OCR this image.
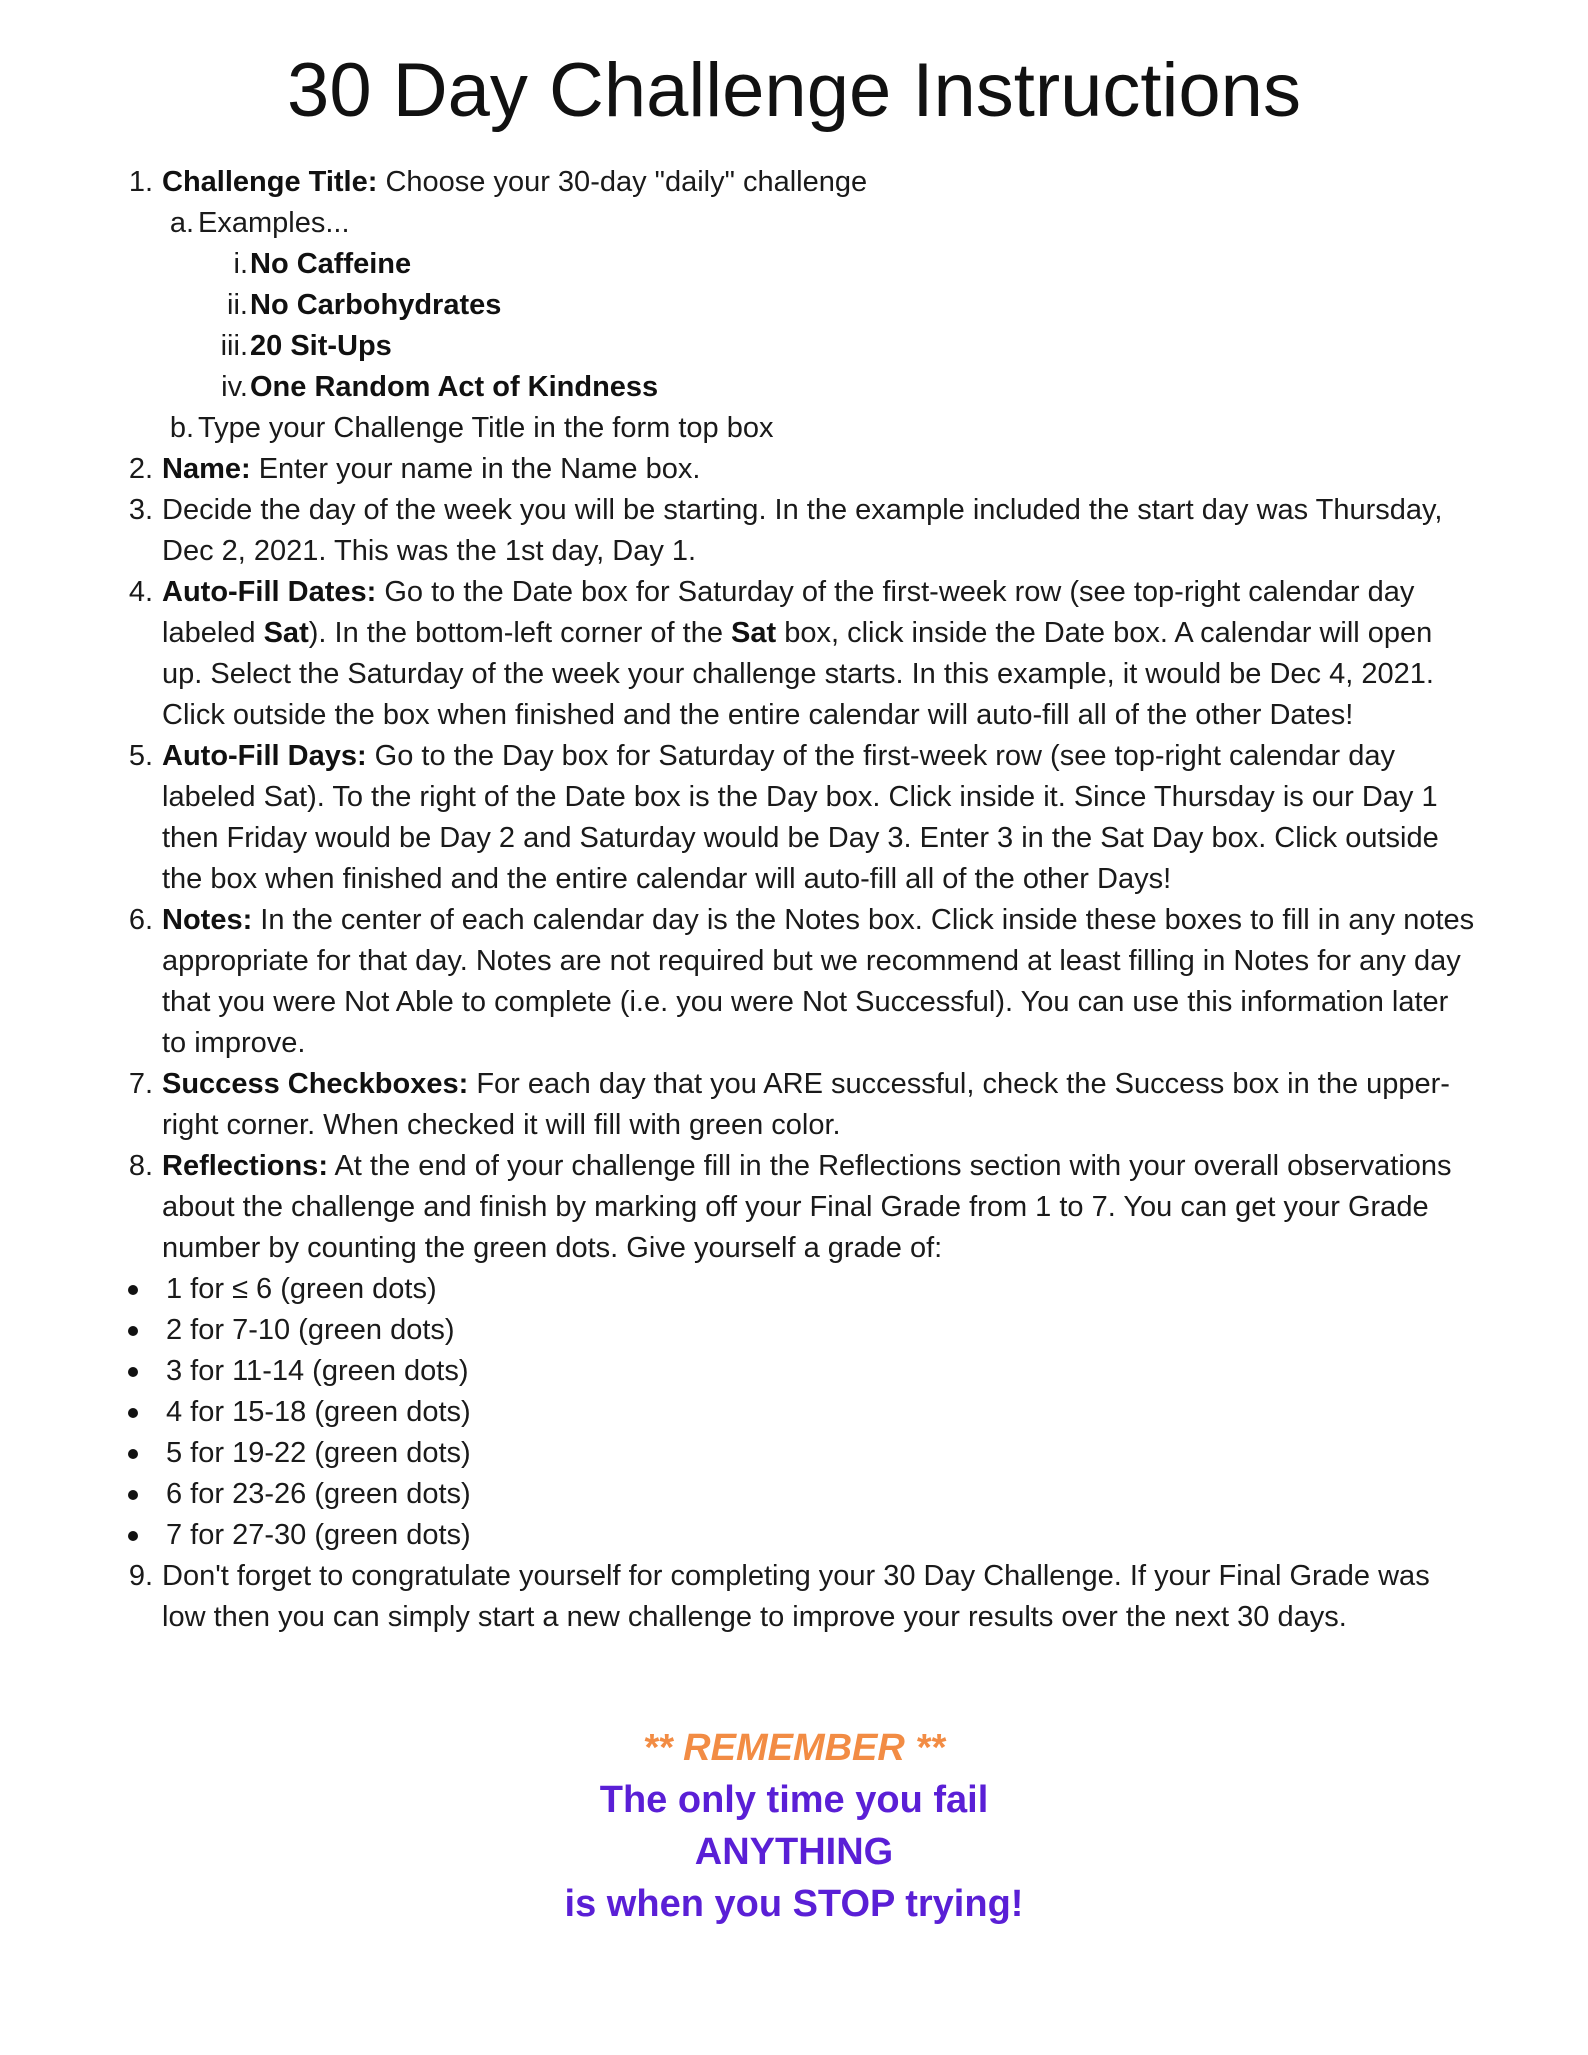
30 Day Challenge Instructions
1. Challenge Title: Choose your 30-day "daily" challenge
a. Examples...
i. No Caffeine
ii. No Carbohydrates
iii. 20 Sit-Ups
iv. One Random Act of Kindness
b. Type your Challenge Title in the form top box
2. Name: Enter your name in the Name box.
3. Decide the day of the week you will be starting. In the example included the start day was Thursday, Dec 2, 2021. This was the 1st day, Day 1.
4. Auto-Fill Dates: Go to the Date box for Saturday of the first-week row (see top-right calendar day labeled Sat). In the bottom-left corner of the Sat box, click inside the Date box. A calendar will open up. Select the Saturday of the week your challenge starts. In this example, it would be Dec 4, 2021. Click outside the box when finished and the entire calendar will auto-fill all of the other Dates!
5. Auto-Fill Days: Go to the Day box for Saturday of the first-week row (see top-right calendar day labeled Sat). To the right of the Date box is the Day box. Click inside it. Since Thursday is our Day 1 then Friday would be Day 2 and Saturday would be Day 3. Enter 3 in the Sat Day box. Click outside the box when finished and the entire calendar will auto-fill all of the other Days!
6. Notes: In the center of each calendar day is the Notes box. Click inside these boxes to fill in any notes appropriate for that day. Notes are not required but we recommend at least filling in Notes for any day that you were Not Able to complete (i.e. you were Not Successful). You can use this information later to improve.
7. Success Checkboxes: For each day that you ARE successful, check the Success box in the upper-right corner. When checked it will fill with green color.
8. Reflections: At the end of your challenge fill in the Reflections section with your overall observations about the challenge and finish by marking off your Final Grade from 1 to 7. You can get your Grade number by counting the green dots. Give yourself a grade of:
1 for ≤ 6 (green dots)
2 for 7-10 (green dots)
3 for 11-14 (green dots)
4 for 15-18 (green dots)
5 for 19-22 (green dots)
6 for 23-26 (green dots)
7 for 27-30 (green dots)
9. Don't forget to congratulate yourself for completing your 30 Day Challenge. If your Final Grade was low then you can simply start a new challenge to improve your results over the next 30 days.
** REMEMBER **
The only time you fail
ANYTHING
is when you STOP trying!
